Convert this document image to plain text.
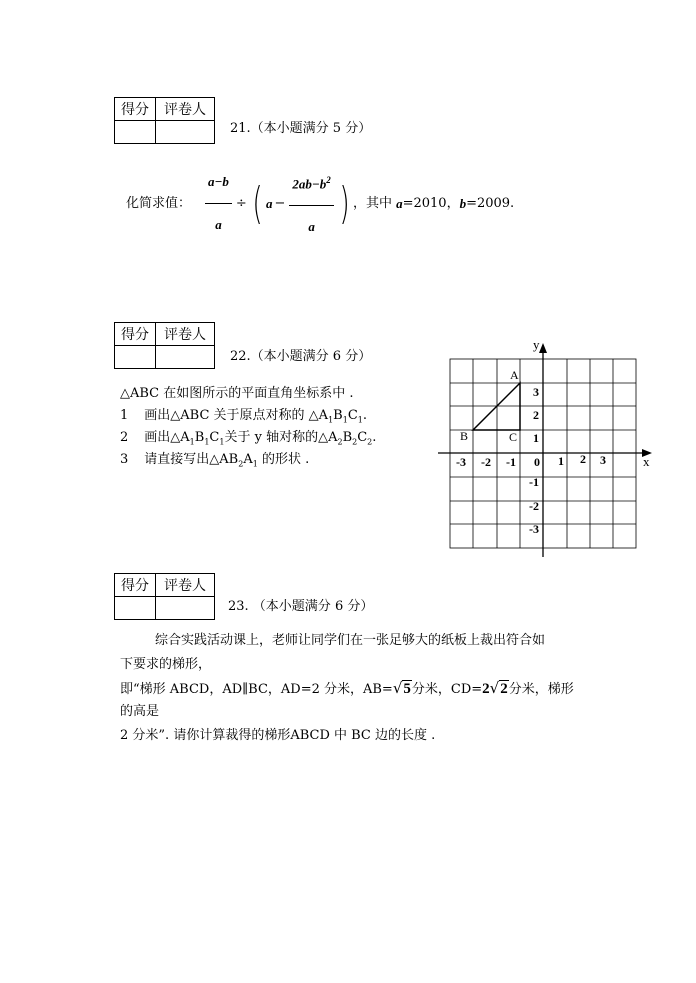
得分	评卷人

21.（本小题满分 5 分）
化简求值： $\frac{a-b}{a}$ ÷ ( $a - \frac{2ab-b^2}{a}$ ) ，其中 a =2010， b =2009.
得分	评卷人

22.（本小题满分 6 分）
△ABC 在如图所示的平面直角坐标系中 .
1 画出△ABC 关于原点对称的 $\triangle A_1B_1C_1$.
2 画出$\triangle A_1B_1C_1$关于 y 轴对称的$\triangle A_2B_2C_2$.
3 请直接写出$\triangle AB_2A_1$ 的形状 .	x
y
A
B	C
-3 -2 -1 0 1 2 3
3
2
1
-1
-2
-3
得分	评卷人

23. （本小题满分 6 分）
综合实践活动课上，老师让同学们在一张足够大的纸板上裁出符合如
下要求的梯形，
即“梯形 ABCD，AD∥BC，AD=2 分米，AB=√5分米，CD=2√2分米，梯形
的高是
2 分米”. 请你计算裁得的梯形ABCD 中 BC 边的长度 .
